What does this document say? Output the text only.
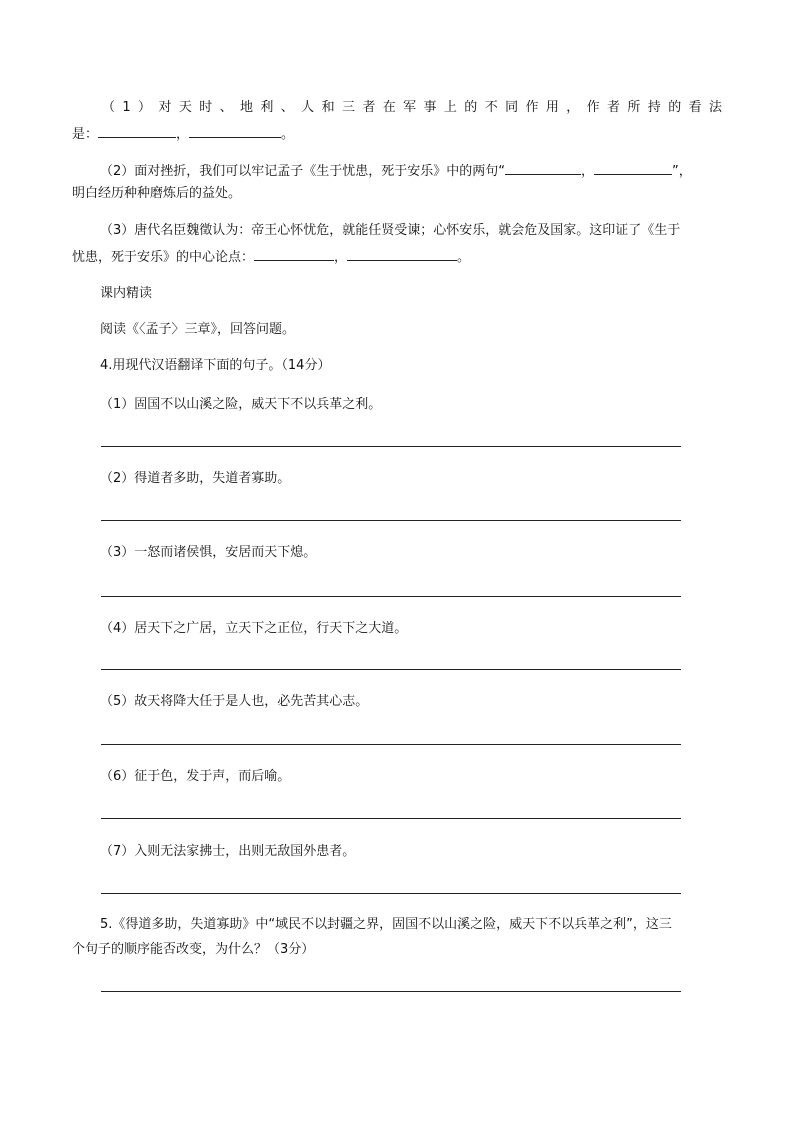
（ 1 ） 对 天 时 、 地 利 、 人 和 三 者 在 军 事 上 的 不 同 作 用 ， 作 者 所 持 的 看 法
是：	，	。
（2）面对挫折，我们可以牢记孟子《生于忧患，死于安乐》中的两句“	，	”，
明白经历种种磨炼后的益处。
（3）唐代名臣魏徵认为：帝王心怀忧危，就能任贤受谏；心怀安乐，就会危及国家。这印证了《生于
忧患，死于安乐》的中心论点：	，	。
课内精读
阅读《〈孟子〉三章》，回答问题。
4.用现代汉语翻译下面的句子。（14分）
（1）固国不以山溪之险，威天下不以兵革之利。
（2）得道者多助，失道者寡助。
（3）一怒而诸侯惧，安居而天下熄。
（4）居天下之广居，立天下之正位，行天下之大道。
（5）故天将降大任于是人也，必先苦其心志。
（6）征于色，发于声，而后喻。
（7）入则无法家拂士，出则无敌国外患者。
5.《得道多助，失道寡助》中“域民不以封疆之界，固国不以山溪之险，威天下不以兵革之利”，这三
个句子的顺序能否改变，为什么？（3分）
